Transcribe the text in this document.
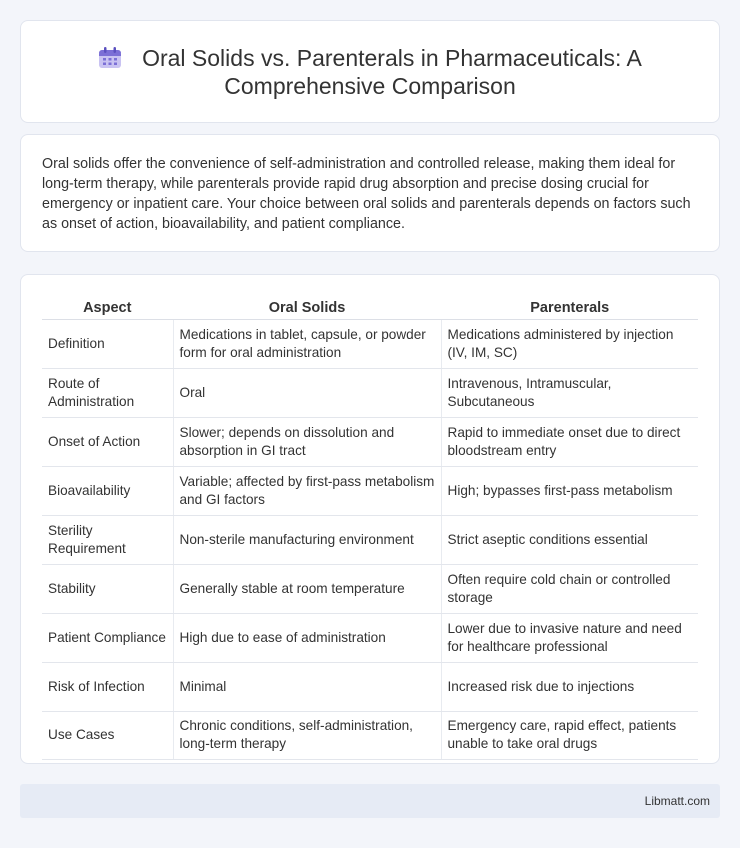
Oral Solids vs. Parenterals in Pharmaceuticals: A Comprehensive Comparison

Oral solids offer the convenience of self-administration and controlled release, making them ideal for long-term therapy, while parenterals provide rapid drug absorption and precise dosing crucial for emergency or inpatient care. Your choice between oral solids and parenterals depends on factors such as onset of action, bioavailability, and patient compliance.

Aspect	Oral Solids	Parenterals
Definition	Medications in tablet, capsule, or powder form for oral administration	Medications administered by injection (IV, IM, SC)
Route of Administration	Oral	Intravenous, Intramuscular, Subcutaneous
Onset of Action	Slower; depends on dissolution and absorption in GI tract	Rapid to immediate onset due to direct bloodstream entry
Bioavailability	Variable; affected by first-pass metabolism and GI factors	High; bypasses first-pass metabolism
Sterility Requirement	Non-sterile manufacturing environment	Strict aseptic conditions essential
Stability	Generally stable at room temperature	Often require cold chain or controlled storage
Patient Compliance	High due to ease of administration	Lower due to invasive nature and need for healthcare professional
Risk of Infection	Minimal	Increased risk due to injections
Use Cases	Chronic conditions, self-administration, long-term therapy	Emergency care, rapid effect, patients unable to take oral drugs
Libmatt.com
